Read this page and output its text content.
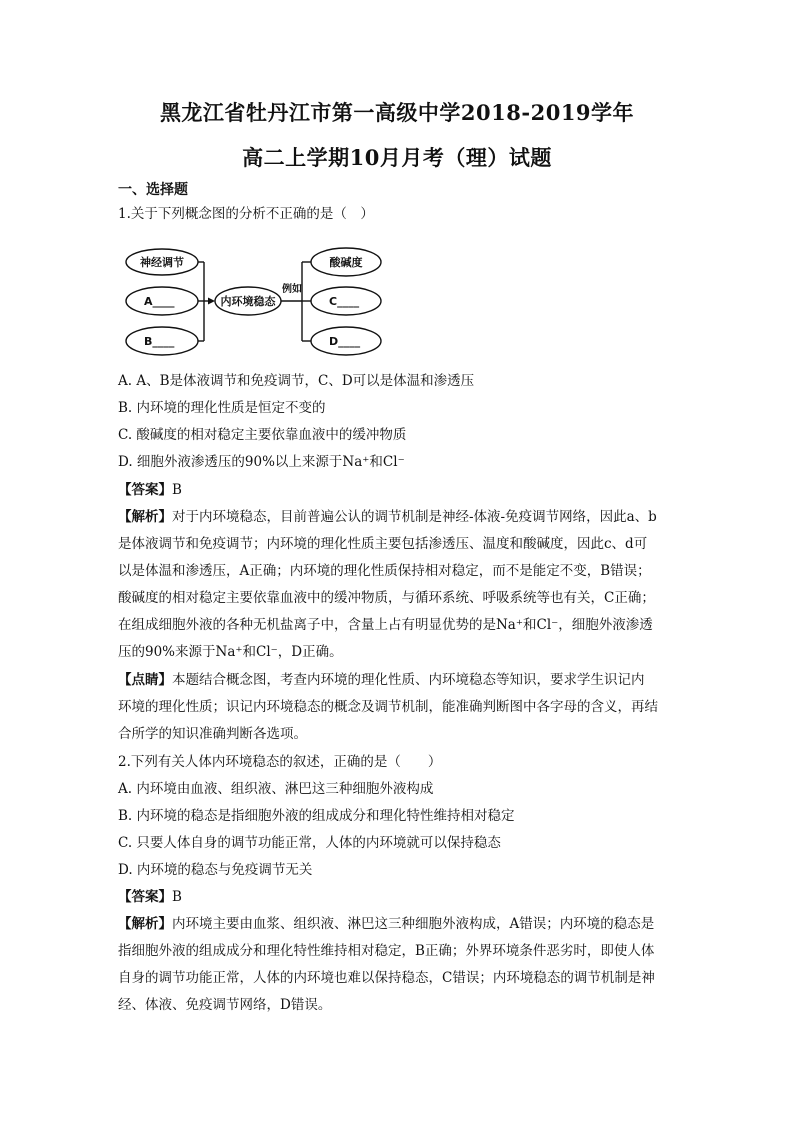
黑龙江省牡丹江市第一高级中学2018-2019学年
高二上学期10月月考（理）试题
一、选择题
1.关于下列概念图的分析不正确的是（　）
神经调节
A____
B____
内环境稳态
例如
酸碱度
C____
D____
A. A、B是体液调节和免疫调节，C、D可以是体温和渗透压
B. 内环境的理化性质是恒定不变的
C. 酸碱度的相对稳定主要依靠血液中的缓冲物质
D. 细胞外液渗透压的90%以上来源于Na⁺和Cl⁻
【答案】B
【解析】对于内环境稳态，目前普遍公认的调节机制是神经-体液-免疫调节网络，因此a、b
是体液调节和免疫调节；内环境的理化性质主要包括渗透压、温度和酸碱度，因此c、d可
以是体温和渗透压，A正确；内环境的理化性质保持相对稳定，而不是能定不变，B错误；
酸碱度的相对稳定主要依靠血液中的缓冲物质，与循环系统、呼吸系统等也有关，C正确；
在组成细胞外液的各种无机盐离子中，含量上占有明显优势的是Na⁺和Cl⁻，细胞外液渗透
压的90%来源于Na⁺和Cl⁻，D正确。
【点睛】本题结合概念图，考查内环境的理化性质、内环境稳态等知识，要求学生识记内
环境的理化性质；识记内环境稳态的概念及调节机制，能准确判断图中各字母的含义，再结
合所学的知识准确判断各选项。
2.下列有关人体内环境稳态的叙述，正确的是（　　）
A. 内环境由血液、组织液、淋巴这三种细胞外液构成
B. 内环境的稳态是指细胞外液的组成成分和理化特性维持相对稳定
C. 只要人体自身的调节功能正常，人体的内环境就可以保持稳态
D. 内环境的稳态与免疫调节无关
【答案】B
【解析】内环境主要由血浆、组织液、淋巴这三种细胞外液构成，A错误；内环境的稳态是
指细胞外液的组成成分和理化特性维持相对稳定，B正确；外界环境条件恶劣时，即使人体
自身的调节功能正常，人体的内环境也难以保持稳态，C错误；内环境稳态的调节机制是神
经、体液、免疫调节网络，D错误。
